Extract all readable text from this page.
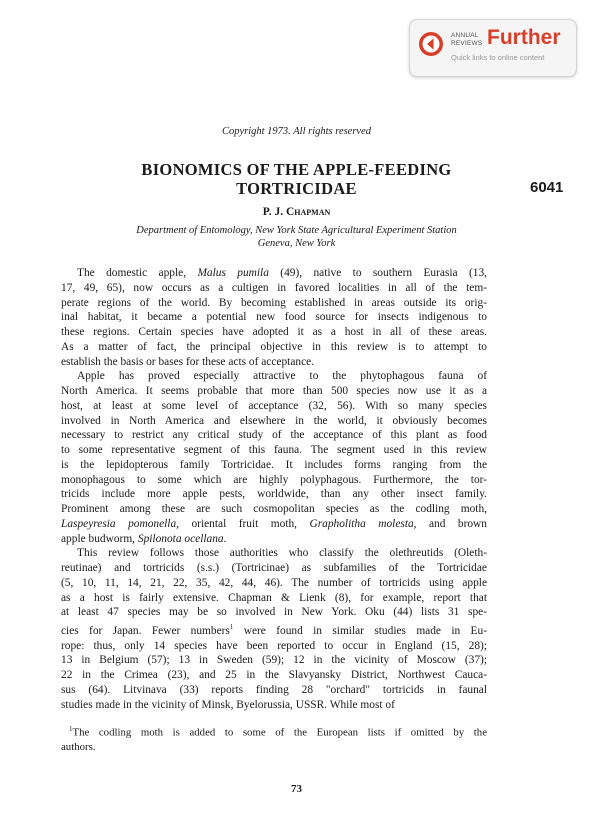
ANNUAL REVIEWS Further
Quick links to online content
Copyright 1973. All rights reserved
BIONOMICS OF THE APPLE-FEEDING
TORTRICIDAE	6041
P. J. Chapman
Department of Entomology, New York State Agricultural Experiment Station
Geneva, New York

The domestic apple, Malus pumila (49), native to southern Eurasia (13,
17, 49, 65), now occurs as a cultigen in favored localities in all of the tem-
perate regions of the world. By becoming established in areas outside its orig-
inal habitat, it became a potential new food source for insects indigenous to
these regions. Certain species have adopted it as a host in all of these areas.
As a matter of fact, the principal objective in this review is to attempt to
establish the basis or bases for these acts of acceptance.

Apple has proved especially attractive to the phytophagous fauna of
North America. It seems probable that more than 500 species now use it as a
host, at least at some level of acceptance (32, 56). With so many species
involved in North America and elsewhere in the world, it obviously becomes
necessary to restrict any critical study of the acceptance of this plant as food
to some representative segment of this fauna. The segment used in this review
is the lepidopterous family Tortricidae. It includes forms ranging from the
monophagous to some which are highly polyphagous. Furthermore, the tor-
tricids include more apple pests, worldwide, than any other insect family.
Prominent among these are such cosmopolitan species as the codling moth,
Laspeyresia pomonella, oriental fruit moth, Grapholitha molesta, and brown
apple budworm, Spilonota ocellana.

This review follows those authorities who classify the olethreutids (Oleth-
reutinae) and tortricids (s.s.) (Tortricinae) as subfamilies of the Tortricidae
(5, 10, 11, 14, 21, 22, 35, 42, 44, 46). The number of tortricids using apple
as a host is fairly extensive. Chapman & Lienk (8), for example, report that
at least 47 species may be so involved in New York. Oku (44) lists 31 spe-
cies for Japan. Fewer numbers$^1$ were found in similar studies made in Eu-
rope: thus, only 14 species have been reported to occur in England (15, 28);
13 in Belgium (57); 13 in Sweden (59); 12 in the vicinity of Moscow (37);
22 in the Crimea (23), and 25 in the Slavyansky District, Northwest Cauca-
sus (64). Litvinava (33) reports finding 28 "orchard" tortricids in faunal
studies made in the vicinity of Minsk, Byelorussia, USSR. While most of

$^1$The codling moth is added to some of the European lists if omitted by the
authors.
73
